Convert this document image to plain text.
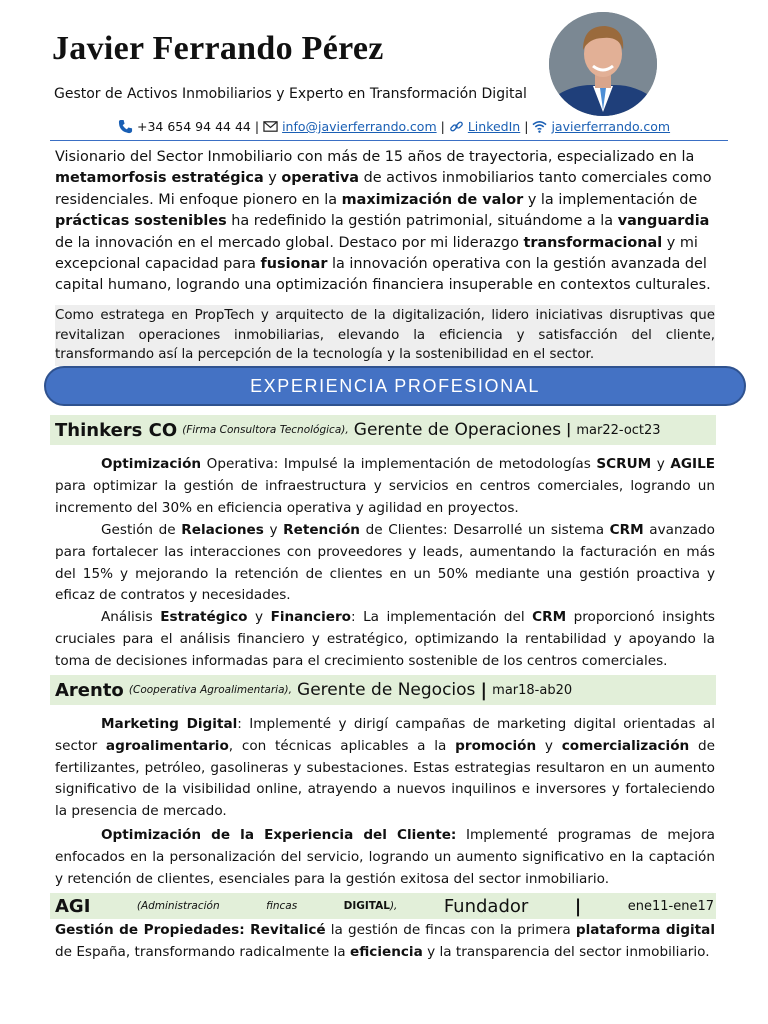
Javier Ferrando Pérez
Gestor de Activos Inmobiliarios y Experto en Transformación Digital
+34 654 94 44 44 | info@javierferrando.com | LinkedIn | javierferrando.com
Visionario del Sector Inmobiliario con más de 15 años de trayectoria, especializado en la metamorfosis estratégica y operativa de activos inmobiliarios tanto comerciales como residenciales. Mi enfoque pionero en la maximización de valor y la implementación de prácticas sostenibles ha redefinido la gestión patrimonial, situándome a la vanguardia de la innovación en el mercado global. Destaco por mi liderazgo transformacional y mi excepcional capacidad para fusionar la innovación operativa con la gestión avanzada del capital humano, logrando una optimización financiera insuperable en contextos culturales.
Como estratega en PropTech y arquitecto de la digitalización, lidero iniciativas disruptivas que revitalizan operaciones inmobiliarias, elevando la eficiencia y satisfacción del cliente, transformando así la percepción de la tecnología y la sostenibilidad en el sector.
EXPERIENCIA PROFESIONAL
Thinkers CO
(Firma Consultora Tecnológica),
Gerente de Operaciones
|
mar22-oct23
Optimización Operativa: Impulsé la implementación de metodologías SCRUM y AGILE para optimizar la gestión de infraestructura y servicios en centros comerciales, logrando un incremento del 30% en eficiencia operativa y agilidad en proyectos.
Gestión de Relaciones y Retención de Clientes: Desarrollé un sistema CRM avanzado para fortalecer las interacciones con proveedores y leads, aumentando la facturación en más del 15% y mejorando la retención de clientes en un 50% mediante una gestión proactiva y eficaz de contratos y necesidades.
Análisis Estratégico y Financiero: La implementación del CRM proporcionó insights cruciales para el análisis financiero y estratégico, optimizando la rentabilidad y apoyando la toma de decisiones informadas para el crecimiento sostenible de los centros comerciales.
Arento
(Cooperativa Agroalimentaria),
Gerente de Negocios
|
mar18-ab20
Marketing Digital: Implementé y dirigí campañas de marketing digital orientadas al sector agroalimentario, con técnicas aplicables a la promoción y comercialización de fertilizantes, petróleo, gasolineras y subestaciones. Estas estrategias resultaron en un aumento significativo de la visibilidad online, atrayendo a nuevos inquilinos e inversores y fortaleciendo la presencia de mercado.
Optimización de la Experiencia del Cliente: Implementé programas de mejora enfocados en la personalización del servicio, logrando un aumento significativo en la captación y retención de clientes, esenciales para la gestión exitosa del sector inmobiliario.
AGI	(Administración	fincas	DIGITAL),	Fundador	|	ene11-ene17
Gestión de Propiedades: Revitalicé la gestión de fincas con la primera plataforma digital de España, transformando radicalmente la eficiencia y la transparencia del sector inmobiliario.
